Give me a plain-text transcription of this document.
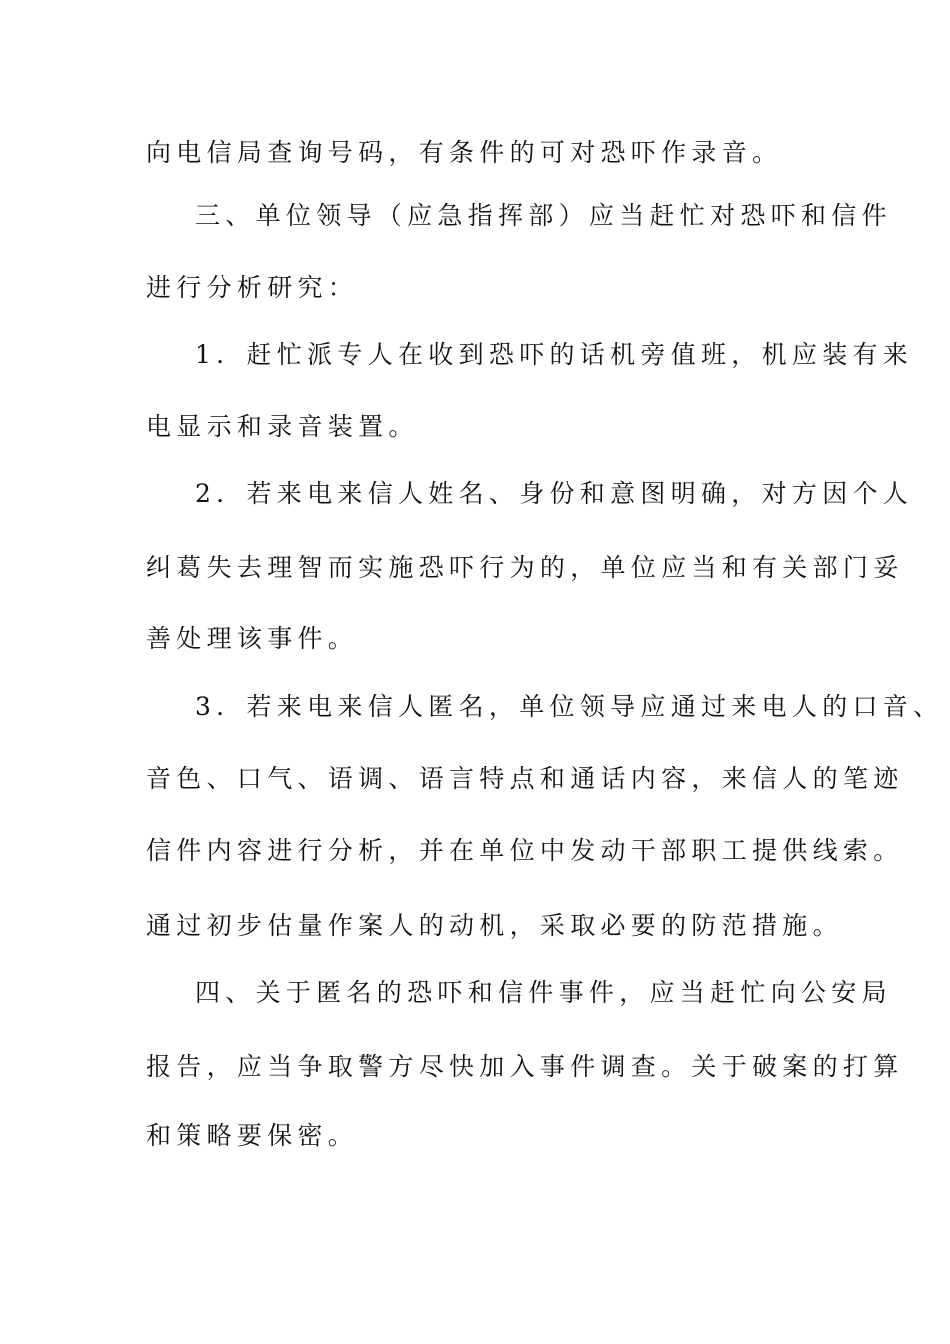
向电信局查询号码，有条件的可对恐吓作录音。
三、单位领导（应急指挥部）应当赶忙对恐吓和信件
进行分析研究：
1．赶忙派专人在收到恐吓的话机旁值班，机应装有来
电显示和录音装置。
2．若来电来信人姓名、身份和意图明确，对方因个人
纠葛失去理智而实施恐吓行为的，单位应当和有关部门妥
善处理该事件。
3．若来电来信人匿名，单位领导应通过来电人的口音、
音色、口气、语调、语言特点和通话内容，来信人的笔迹
信件内容进行分析，并在单位中发动干部职工提供线索。
通过初步估量作案人的动机，采取必要的防范措施。
四、关于匿名的恐吓和信件事件，应当赶忙向公安局
报告，应当争取警方尽快加入事件调查。关于破案的打算
和策略要保密。
